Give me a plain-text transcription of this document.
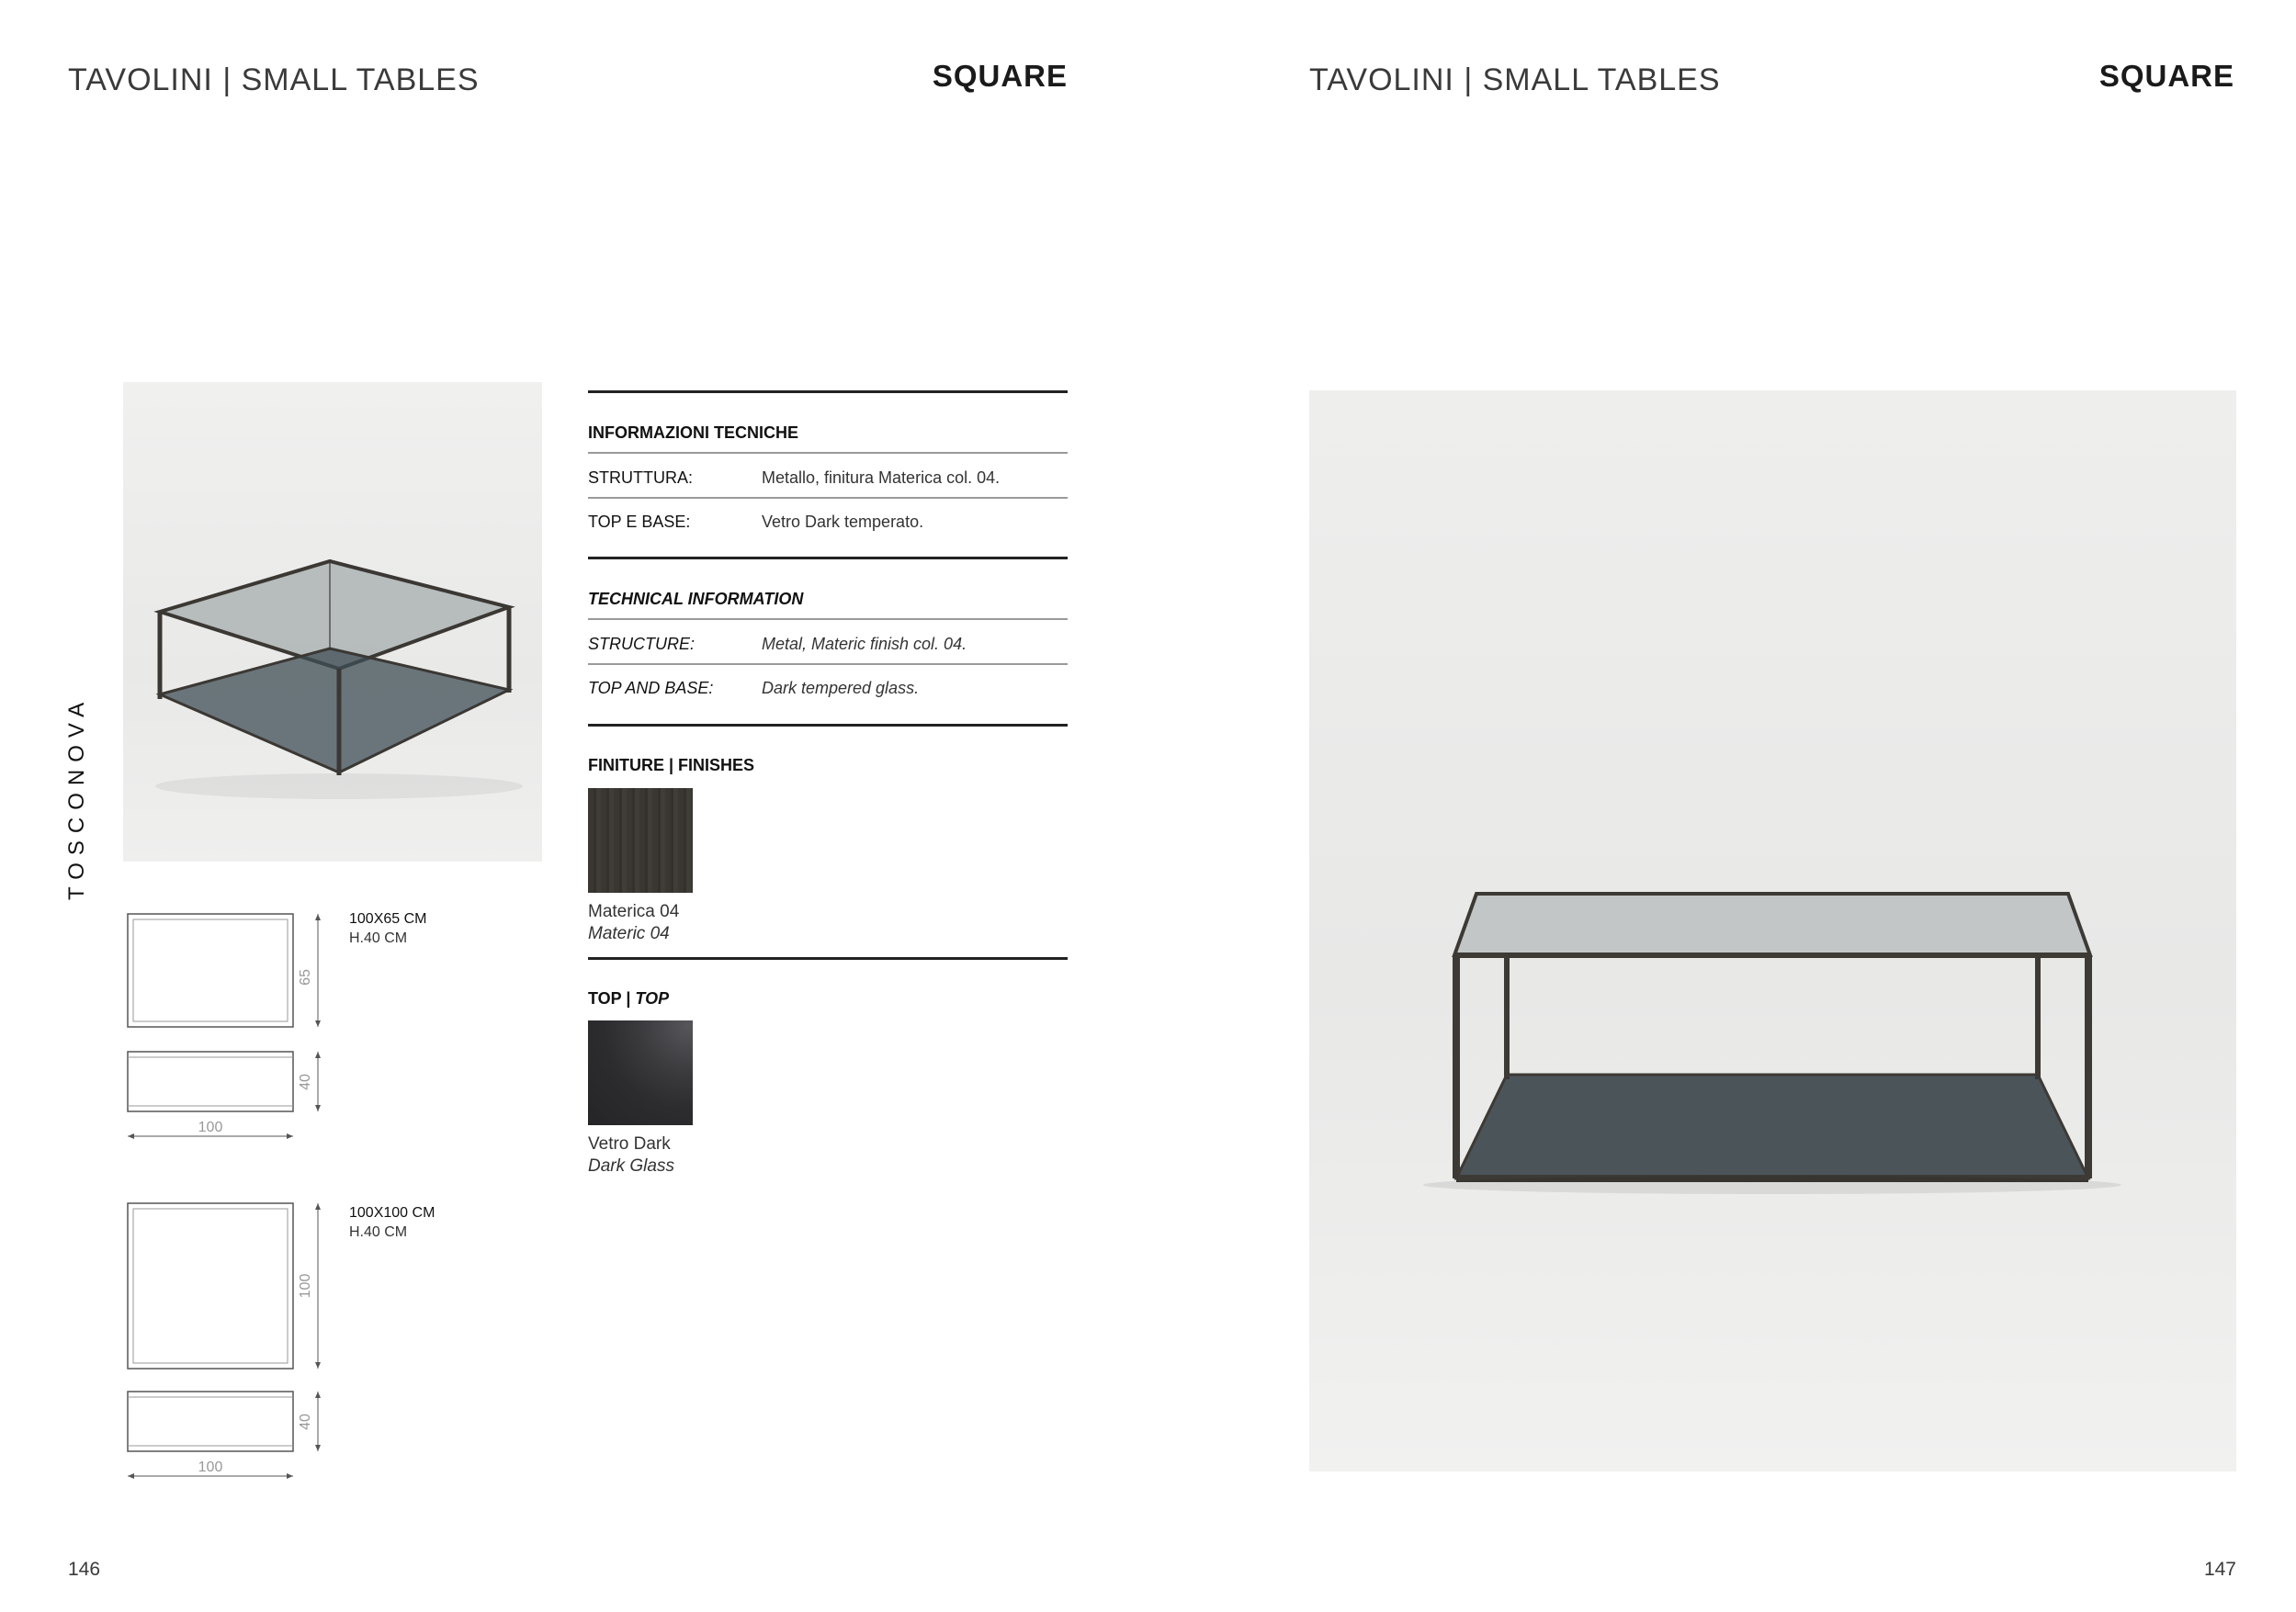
TAVOLINI | SMALL TABLES	SQUARE
TOSCONOVA
INFORMAZIONI TECNICHE
STRUTTURA:	Metallo, finitura Materica col. 04.
TOP E BASE:	Vetro Dark temperato.
TECHNICAL INFORMATION
STRUCTURE:	Metal, Materic finish col. 04.
TOP AND BASE:	Dark tempered glass.
FINITURE | FINISHES
Materica 04
Materic 04
TOP | TOP
Vetro Dark
Dark Glass
65
40
100
100X65 CM
H.40 CM
100
40
100
100X100 CM
H.40 CM
146
TAVOLINI | SMALL TABLES	SQUARE
147
